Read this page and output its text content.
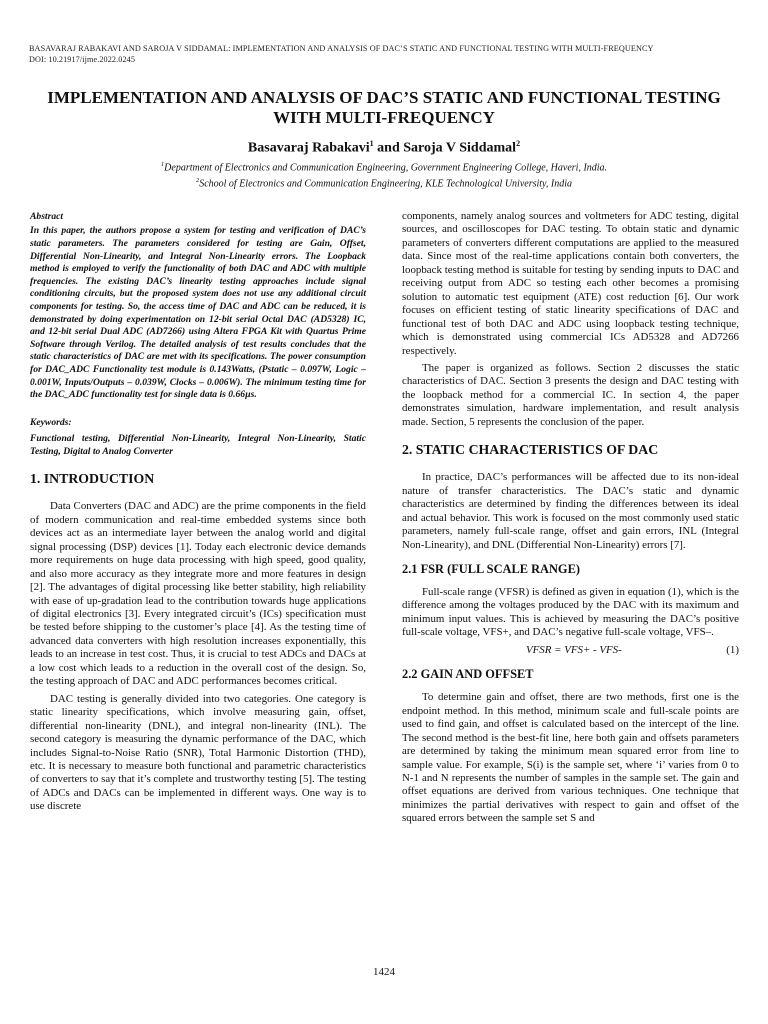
BASAVARAJ RABAKAVI AND SAROJA V SIDDAMAL: IMPLEMENTATION AND ANALYSIS OF DAC’S STATIC AND FUNCTIONAL TESTING WITH MULTI-FREQUENCY
DOI: 10.21917/ijme.2022.0245
IMPLEMENTATION AND ANALYSIS OF DAC’S STATIC AND FUNCTIONAL TESTING WITH MULTI-FREQUENCY
Basavaraj Rabakavi$^1$ and Saroja V Siddamal$^2$
$^1$Department of Electronics and Communication Engineering, Government Engineering College, Haveri, India.
$^2$School of Electronics and Communication Engineering, KLE Technological University, India

Abstract

In this paper, the authors propose a system for testing and verification of DAC’s static parameters. The parameters considered for testing are Gain, Offset, Differential Non-Linearity, and Integral Non-Linearity errors. The Loopback method is employed to verify the functionality of both DAC and ADC with multiple frequencies. The existing DAC’s linearity testing approaches include signal conditioning circuits, but the proposed system does not use any additional circuit components for testing. So, the access time of DAC and ADC can be reduced, it is demonstrated by doing experimentation on 12-bit serial Octal DAC (AD5328) IC, and 12-bit serial Dual ADC (AD7266) using Altera FPGA Kit with Quartus Prime Software through Verilog. The detailed analysis of test results concludes that the static characteristics of DAC are met with its specifications. The power consumption for DAC_ADC Functionality test module is 0.143Watts, (Pstatic – 0.097W, Logic – 0.001W, Inputs/Outputs – 0.039W, Clocks – 0.006W). The minimum testing time for the DAC_ADC functionality test for single data is 0.66µs.

Keywords:

Functional testing, Differential Non-Linearity, Integral Non-Linearity, Static Testing, Digital to Analog Converter

1. INTRODUCTION

Data Converters (DAC and ADC) are the prime components in the field of modern communication and real-time embedded systems since both devices act as an intermediate layer between the analog world and digital signal processing (DSP) devices [1]. Today each electronic device demands more requirements on huge data processing with high speed, good quality, and also more accuracy as they integrate more and more features in design [2]. The advantages of digital processing like better stability, high reliability with ease of up-gradation lead to the contribution towards huge applications of digital electronics [3]. Every integrated circuit’s (ICs) specification must be tested before shipping to the customer’s place [4]. As the testing time of advanced data converters with high resolution increases exponentially, this leads to an increase in test cost. Thus, it is crucial to test ADCs and DACs at a low cost which leads to a reduction in the overall cost of the design. So, the testing approach of DAC and ADC performances becomes critical.

DAC testing is generally divided into two categories. One category is static linearity specifications, which involve measuring gain, offset, differential non-linearity (DNL), and integral non-linearity (INL). The second category is measuring the dynamic performance of the DAC, which includes Signal-to-Noise Ratio (SNR), Total Harmonic Distortion (THD), etc. It is necessary to measure both functional and parametric characteristics of converters to say that it’s complete and trustworthy testing [5]. The testing of ADCs and DACs can be implemented in different ways. One way is to use discrete

components, namely analog sources and voltmeters for ADC testing, digital sources, and oscilloscopes for DAC testing. To obtain static and dynamic parameters of converters different computations are applied to the measured data. Since most of the real-time applications contain both converters, the loopback testing method is suitable for testing by sending inputs to DAC and receiving output from ADC so testing each other becomes a promising solution to automatic test equipment (ATE) cost reduction [6]. Our work focuses on efficient testing of static linearity specifications of DAC and functional test of both DAC and ADC using loopback testing technique, which is demonstrated using commercial ICs AD5328 and AD7266 respectively.

The paper is organized as follows. Section 2 discusses the static characteristics of DAC. Section 3 presents the design and DAC testing with the loopback method for a commercial IC. In section 4, the paper demonstrates simulation, hardware implementation, and result analysis made. Section, 5 represents the conclusion of the paper.

2. STATIC CHARACTERISTICS OF DAC

In practice, DAC’s performances will be affected due to its non-ideal nature of transfer characteristics. The DAC’s static and dynamic characteristics are determined by finding the differences between its ideal and actual behavior. This work is focused on the most commonly used static parameters, namely full-scale range, offset and gain errors, INL (Integral Non-Linearity), and DNL (Differential Non-Linearity) errors [7].

2.1 FSR (FULL SCALE RANGE)

Full-scale range (VFSR) is defined as given in equation (1), which is the difference among the voltages produced by the DAC with its maximum and minimum input values. This is achieved by measuring the DAC’s positive full-scale voltage, VFS+, and DAC’s negative full-scale voltage, VFS–.

VFSR = VFS+ - VFS-	(1)
2.2 GAIN AND OFFSET

To determine gain and offset, there are two methods, first one is the endpoint method. In this method, minimum scale and full-scale points are used to find gain, and offset is calculated based on the intercept of the line. The second method is the best-fit line, here both gain and offsets parameters are determined by taking the minimum mean squared error from line to sample value. For example, S(i) is the sample set, where ‘i’ varies from 0 to N-1 and N represents the number of samples in the sample set. The gain and offset equations are derived from various techniques. One technique that minimizes the partial derivatives with respect to gain and offset of the squared errors between the sample set S and

1424
